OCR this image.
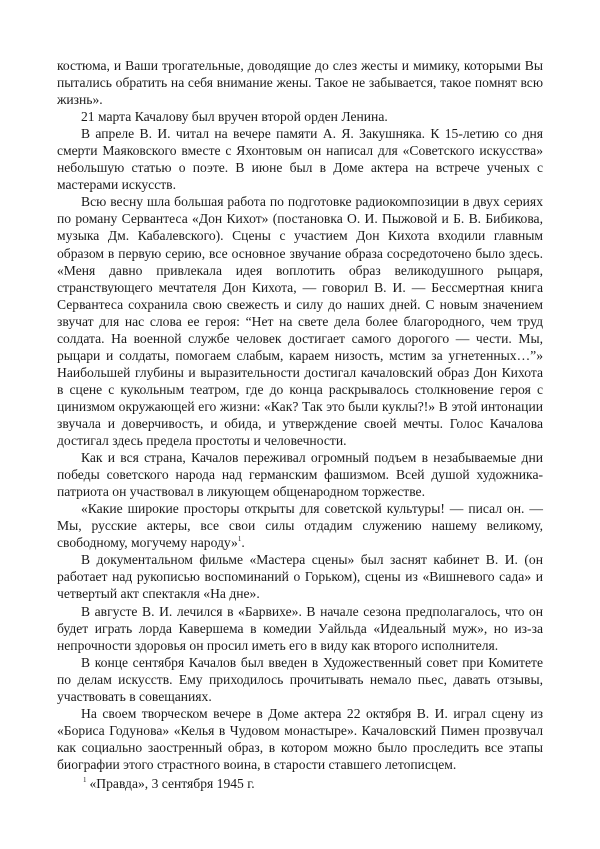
костюма, и Ваши трогательные, доводящие до слез жесты и мимику, которыми Вы пытались обратить на себя внимание жены. Такое не забывается, такое помнят всю жизнь».

21 марта Качалову был вручен второй орден Ленина.

В апреле В. И. читал на вечере памяти А. Я. Закушняка. К 15-летию со дня смерти Маяковского вместе с Яхонтовым он написал для «Советского искусства» небольшую статью о поэте. В июне был в Доме актера на встрече ученых с мастерами искусств.

Всю весну шла большая работа по подготовке радиокомпозиции в двух сериях по роману Сервантеса «Дон Кихот» (постановка О. И. Пыжовой и Б. В. Бибикова, музыка Дм. Кабалевского). Сцены с участием Дон Кихота входили главным образом в первую серию, все основное звучание образа сосредоточено было здесь. «Меня давно привлекала идея воплотить образ великодушного рыцаря, странствующего мечтателя Дон Кихота, — говорил В. И. — Бессмертная книга Сервантеса сохранила свою свежесть и силу до наших дней. С новым значением звучат для нас слова ее героя: “Нет на свете дела более благородного, чем труд солдата. На военной службе человек достигает самого дорогого — чести. Мы, рыцари и солдаты, помогаем слабым, караем низость, мстим за угнетенных…”» Наибольшей глубины и выразительности достигал качаловский образ Дон Кихота в сцене с кукольным театром, где до конца раскрывалось столкновение героя с цинизмом окружающей его жизни: «Как? Так это были куклы?!» В этой интонации звучала и доверчивость, и обида, и утверждение своей мечты. Голос Качалова достигал здесь предела простоты и человечности.

Как и вся страна, Качалов переживал огромный подъем в незабываемые дни победы советского народа над германским фашизмом. Всей душой художника-патриота он участвовал в ликующем общенародном торжестве.

«Какие широкие просторы открыты для советской культуры! — писал он. — Мы, русские актеры, все свои силы отдадим служению нашему великому, свободному, могучему народу»$^1$.

В документальном фильме «Мастера сцены» был заснят кабинет В. И. (он работает над рукописью воспоминаний о Горьком), сцены из «Вишневого сада» и четвертый акт спектакля «На дне».

В августе В. И. лечился в «Барвихе». В начале сезона предполагалось, что он будет играть лорда Кавершема в комедии Уайльда «Идеальный муж», но из-за непрочности здоровья он просил иметь его в виду как второго исполнителя.

В конце сентября Качалов был введен в Художественный совет при Комитете по делам искусств. Ему приходилось прочитывать немало пьес, давать отзывы, участвовать в совещаниях.

На своем творческом вечере в Доме актера 22 октября В. И. играл сцену из «Бориса Годунова» «Келья в Чудовом монастыре». Качаловский Пимен прозвучал как социально заостренный образ, в котором можно было проследить все этапы биографии этого страстного воина, в старости ставшего летописцем.

$^1$ «Правда», 3 сентября 1945 г.
